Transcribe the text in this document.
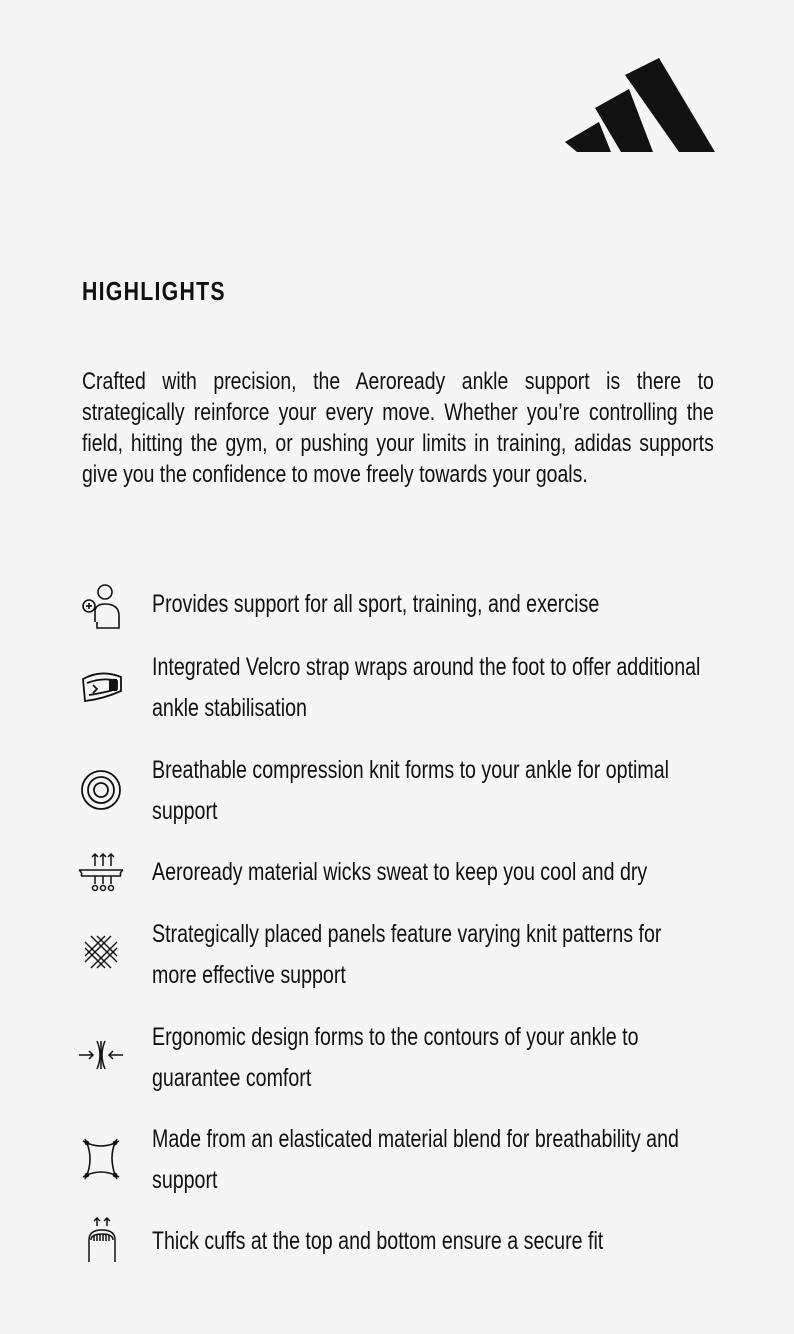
HIGHLIGHTS

Crafted with precision, the Aeroready ankle support is there to strategically reinforce your every move. Whether you’re controlling the field, hitting the gym, or pushing your limits in training, adidas supports give you the confidence to move freely towards your goals.

Provides support for all sport, training, and exercise

Integrated Velcro strap wraps around the foot to offer additional ankle stabilisation

Breathable compression knit forms to your ankle for optimal support

Aeroready material wicks sweat to keep you cool and dry

Strategically placed panels feature varying knit patterns for more effective support

Ergonomic design forms to the contours of your ankle to guarantee comfort

Made from an elasticated material blend for breathability and support

Thick cuffs at the top and bottom ensure a secure fit
